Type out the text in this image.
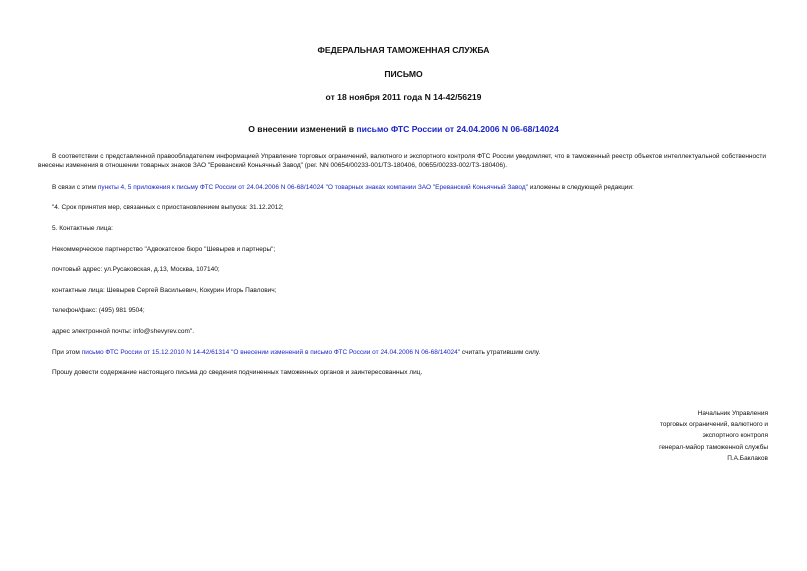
ФЕДЕРАЛЬНАЯ ТАМОЖЕННАЯ СЛУЖБА
ПИСЬМО
от 18 ноября 2011 года N 14-42/56219
О внесении изменений в письмо ФТС России от 24.04.2006 N 06-68/14024
В соответствии с представленной правообладателем информацией Управление торговых ограничений, валютного и экспортного контроля ФТС России уведомляет, что в таможенный реестр объектов интеллектуальной собственности внесены изменения в отношении товарных знаков ЗАО "Ереванский Коньячный Завод" (рег. NN 00654/00233-001/ТЗ-180406, 00655/00233-002/ТЗ-180406).
В связи с этим пункты 4, 5 приложения к письму ФТС России от 24.04.2006 N 06-68/14024 "О товарных знаках компании ЗАО "Ереванский Коньячный Завод" изложены в следующей редакции:
"4. Срок принятия мер, связанных с приостановлением выпуска: 31.12.2012;
5. Контактные лица:
Некоммерческое партнерство "Адвокатское бюро "Шевырев и партнеры";
почтовый адрес: ул.Русаковская, д.13, Москва, 107140;
контактные лица: Шевырев Сергей Васильевич, Кокурин Игорь Павлович;
телефон/факс: (495) 981 9504;
адрес электронной почты: info@shevyrev.com".
При этом письмо ФТС России от 15.12.2010 N 14-42/61314 "О внесении изменений в письмо ФТС России от 24.04.2006 N 06-68/14024" считать утратившим силу.
Прошу довести содержание настоящего письма до сведения подчиненных таможенных органов и заинтересованных лиц.
Начальник Управления
торговых ограничений, валютного и
экспортного контроля
генерал-майор таможенной службы
П.А.Баклаков
